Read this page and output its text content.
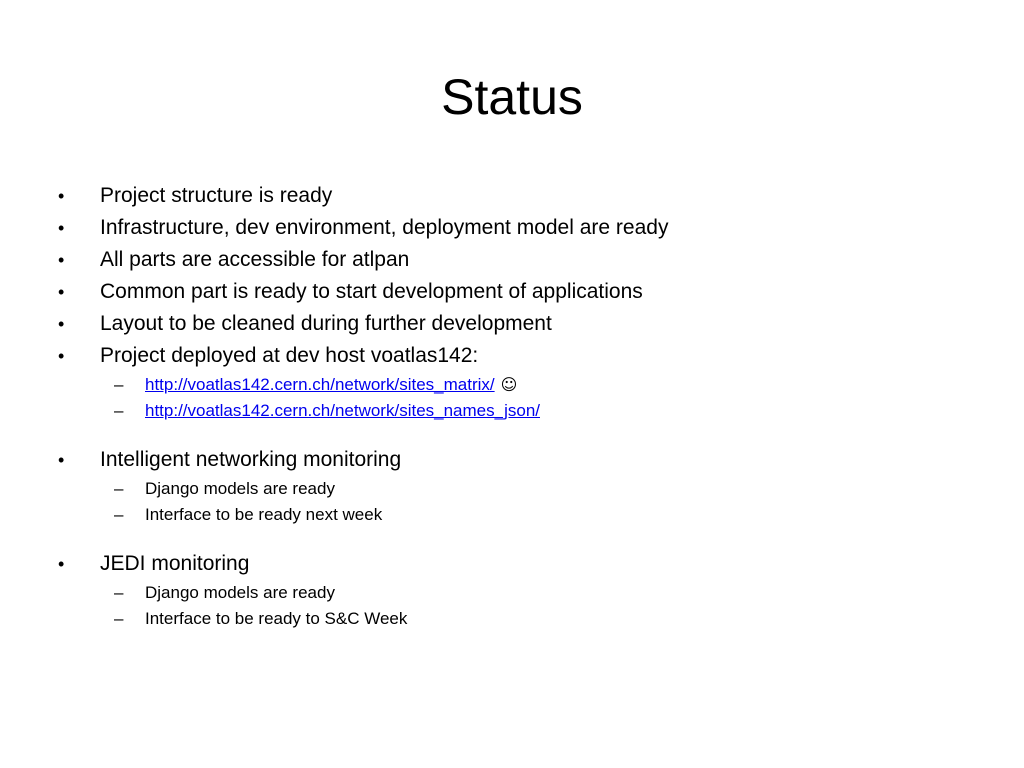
Status
•	Project structure is ready
•	Infrastructure, dev environment, deployment model are ready
•	All parts are accessible for atlpan
•	Common part is ready to start development of applications
•	Layout to be cleaned during further development
•	Project deployed at dev host voatlas142:
–	http://voatlas142.cern.ch/network/sites_matrix/ ☺
–	http://voatlas142.cern.ch/network/sites_names_json/
•	Intelligent networking monitoring
–	Django models are ready
–	Interface to be ready next week
•	JEDI monitoring
–	Django models are ready
–	Interface to be ready to S&C Week
